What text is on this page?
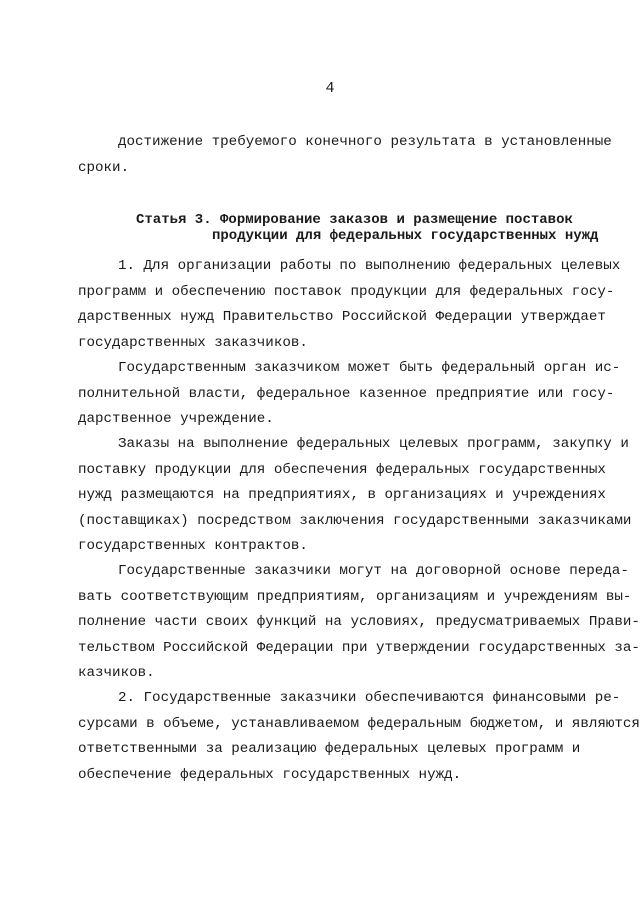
4
достижение требуемого конечного результата в установленные
сроки.
Статья 3. Формирование заказов и размещение поставок
продукции для федеральных государственных нужд
1. Для организации работы по выполнению федеральных целевых
программ и обеспечению поставок продукции для федеральных госу-
дарственных нужд Правительство Российской Федерации утверждает
государственных заказчиков.
Государственным заказчиком может быть федеральный орган ис-
полнительной власти, федеральное казенное предприятие или госу-
дарственное учреждение.
Заказы на выполнение федеральных целевых программ, закупку и
поставку продукции для обеспечения федеральных государственных
нужд размещаются на предприятиях, в организациях и учреждениях
(поставщиках) посредством заключения государственными заказчиками
государственных контрактов.
Государственные заказчики могут на договорной основе переда-
вать соответствующим предприятиям, организациям и учреждениям вы-
полнение части своих функций на условиях, предусматриваемых Прави-
тельством Российской Федерации при утверждении государственных за-
казчиков.
2. Государственные заказчики обеспечиваются финансовыми ре-
сурсами в объеме, устанавливаемом федеральным бюджетом, и являются
ответственными за реализацию федеральных целевых программ и
обеспечение федеральных государственных нужд.
